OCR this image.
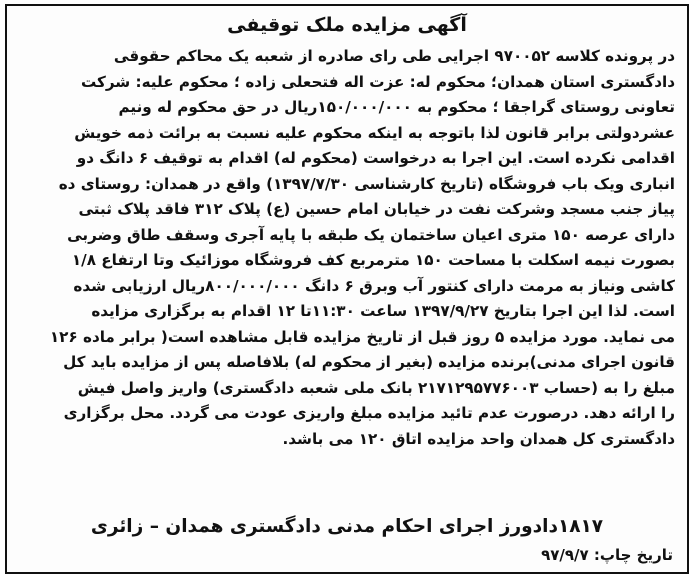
آگهی مزایده ملک توقیفی
در پرونده کلاسه ۹۷۰۰۵۲ اجرایی طی رای صادره از شعبه یک محاکم حقوقی
دادگستری استان همدان؛ محکوم له: عزت اله فتحعلی زاده ؛ محکوم علیه: شرکت
تعاونی روستای گراجقا ؛ محکوم به ۱۵۰/۰۰۰/۰۰۰ریال در حق محکوم له ونیم
عشردولتی برابر قانون لذا باتوجه به اینکه محکوم علیه نسبت به برائت ذمه خویش
اقدامی نکرده است. این اجرا به درخواست (محکوم له) اقدام به توقیف ۶ دانگ دو
انباری ویک باب فروشگاه (تاریخ کارشناسی ۱۳۹۷/۷/۳۰) واقع در همدان: روستای ده
پیاز جنب مسجد وشرکت نفت در خیابان امام حسین (ع) پلاک ۳۱۲ فاقد پلاک ثبتی
دارای عرصه ۱۵۰ متری اعیان ساختمان یک طبقه با پایه آجری وسقف طاق وضربی
بصورت نیمه اسکلت با مساحت ۱۵۰ مترمربع کف فروشگاه موزائیک وتا ارتفاع ۱/۸
کاشی ونیاز به مرمت دارای کنتور آب وبرق ۶ دانگ ۸۰۰/۰۰۰/۰۰۰ریال ارزیابی شده
است. لذا این اجرا بتاریخ ۱۳۹۷/۹/۲۷ ساعت ۱۱:۳۰تا ۱۲ اقدام به برگزاری مزایده
می نماید. مورد مزایده ۵ روز قبل از تاریخ مزایده قابل مشاهده است( برابر ماده ۱۲۶
قانون اجرای مدنی)برنده مزایده (بغیر از محکوم له) بلافاصله پس از مزایده باید کل
مبلغ را به (حساب ۲۱۷۱۲۹۵۷۷۶۰۰۳ بانک ملی شعبه دادگستری) واریز واصل فیش
را ارائه دهد. درصورت عدم تائید مزایده مبلغ واریزی عودت می گردد. محل برگزاری
دادگستری کل همدان واحد مزایده اتاق ۱۲۰ می باشد.
۱۸۱۷دادورز اجرای احکام مدنی دادگستری همدان – زائری
تاریخ چاپ: ۹۷/۹/۷
